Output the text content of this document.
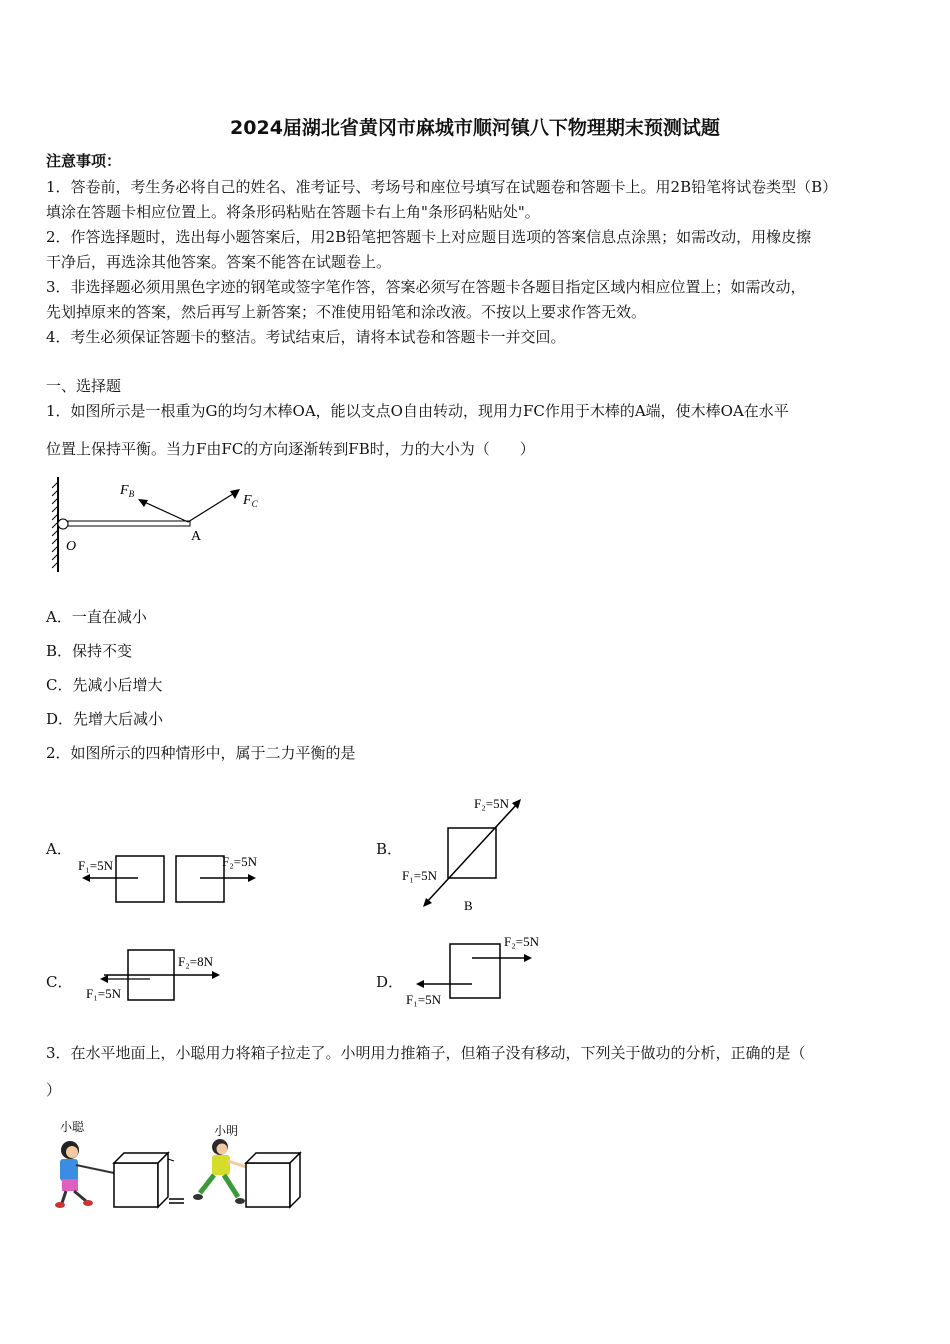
2024届湖北省黄冈市麻城市顺河镇八下物理期末预测试题
注意事项：
1．答卷前，考生务必将自己的姓名、准考证号、考场号和座位号填写在试题卷和答题卡上。用2B铅笔将试卷类型（B）
填涂在答题卡相应位置上。将条形码粘贴在答题卡右上角"条形码粘贴处"。
2．作答选择题时，选出每小题答案后，用2B铅笔把答题卡上对应题目选项的答案信息点涂黑；如需改动，用橡皮擦
干净后，再选涂其他答案。答案不能答在试题卷上。
3．非选择题必须用黑色字迹的钢笔或签字笔作答，答案必须写在答题卡各题目指定区域内相应位置上；如需改动，
先划掉原来的答案，然后再写上新答案；不准使用铅笔和涂改液。不按以上要求作答无效。
4．考生必须保证答题卡的整洁。考试结束后，请将本试卷和答题卡一并交回。
一、选择题
1．如图所示是一根重为G的均匀木棒OA，能以支点O自由转动，现用力FC作用于木棒的A端，使木棒OA在水平
位置上保持平衡。当力F由FC的方向逐渐转到FB时，力的大小为（　　）
$F_B$	$F_C$
A
O
A．一直在减小
B．保持不变
C．先减小后增大
D．先增大后减小
2．如图所示的四种情形中，属于二力平衡的是
A．
F₁=5N	F₂=5N
B．
F₂=5N
F₁=5N
B
C．
F₂=8N
F₁=5N
D．
F₂=5N
F₁=5N
3．在水平地面上，小聪用力将箱子拉走了。小明用力推箱子，但箱子没有移动，下列关于做功的分析，正确的是（
）
小聪	小明
